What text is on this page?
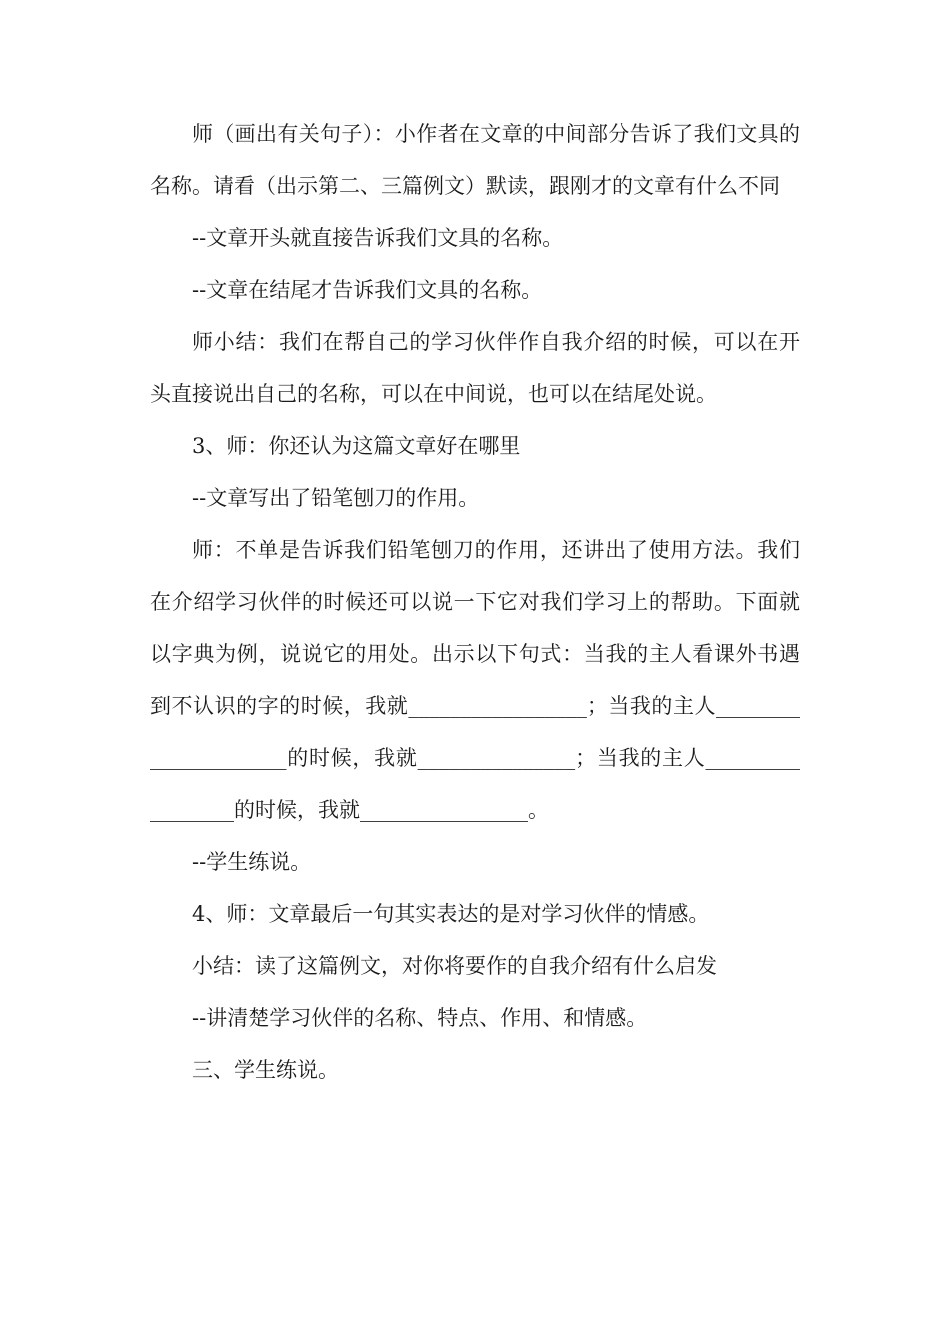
师（画出有关句子）：小作者在文章的中间部分告诉了我们文具的名称。请看（出示第二、三篇例文）默读，跟刚才的文章有什么不同

--文章开头就直接告诉我们文具的名称。

--文章在结尾才告诉我们文具的名称。

师小结：我们在帮自己的学习伙伴作自我介绍的时候，可以在开头直接说出自己的名称，可以在中间说，也可以在结尾处说。

3、师：你还认为这篇文章好在哪里

--文章写出了铅笔刨刀的作用。

师：不单是告诉我们铅笔刨刀的作用，还讲出了使用方法。我们在介绍学习伙伴的时候还可以说一下它对我们学习上的帮助。下面就以字典为例，说说它的用处。出示以下句式：当我的主人看课外书遇到不认识的字的时候，我就_________________；当我的主人_____________________的时候，我就_______________；当我的主人_________________的时候，我就________________。

--学生练说。

4、师：文章最后一句其实表达的是对学习伙伴的情感。

小结：读了这篇例文，对你将要作的自我介绍有什么启发

--讲清楚学习伙伴的名称、特点、作用、和情感。

三、学生练说。
